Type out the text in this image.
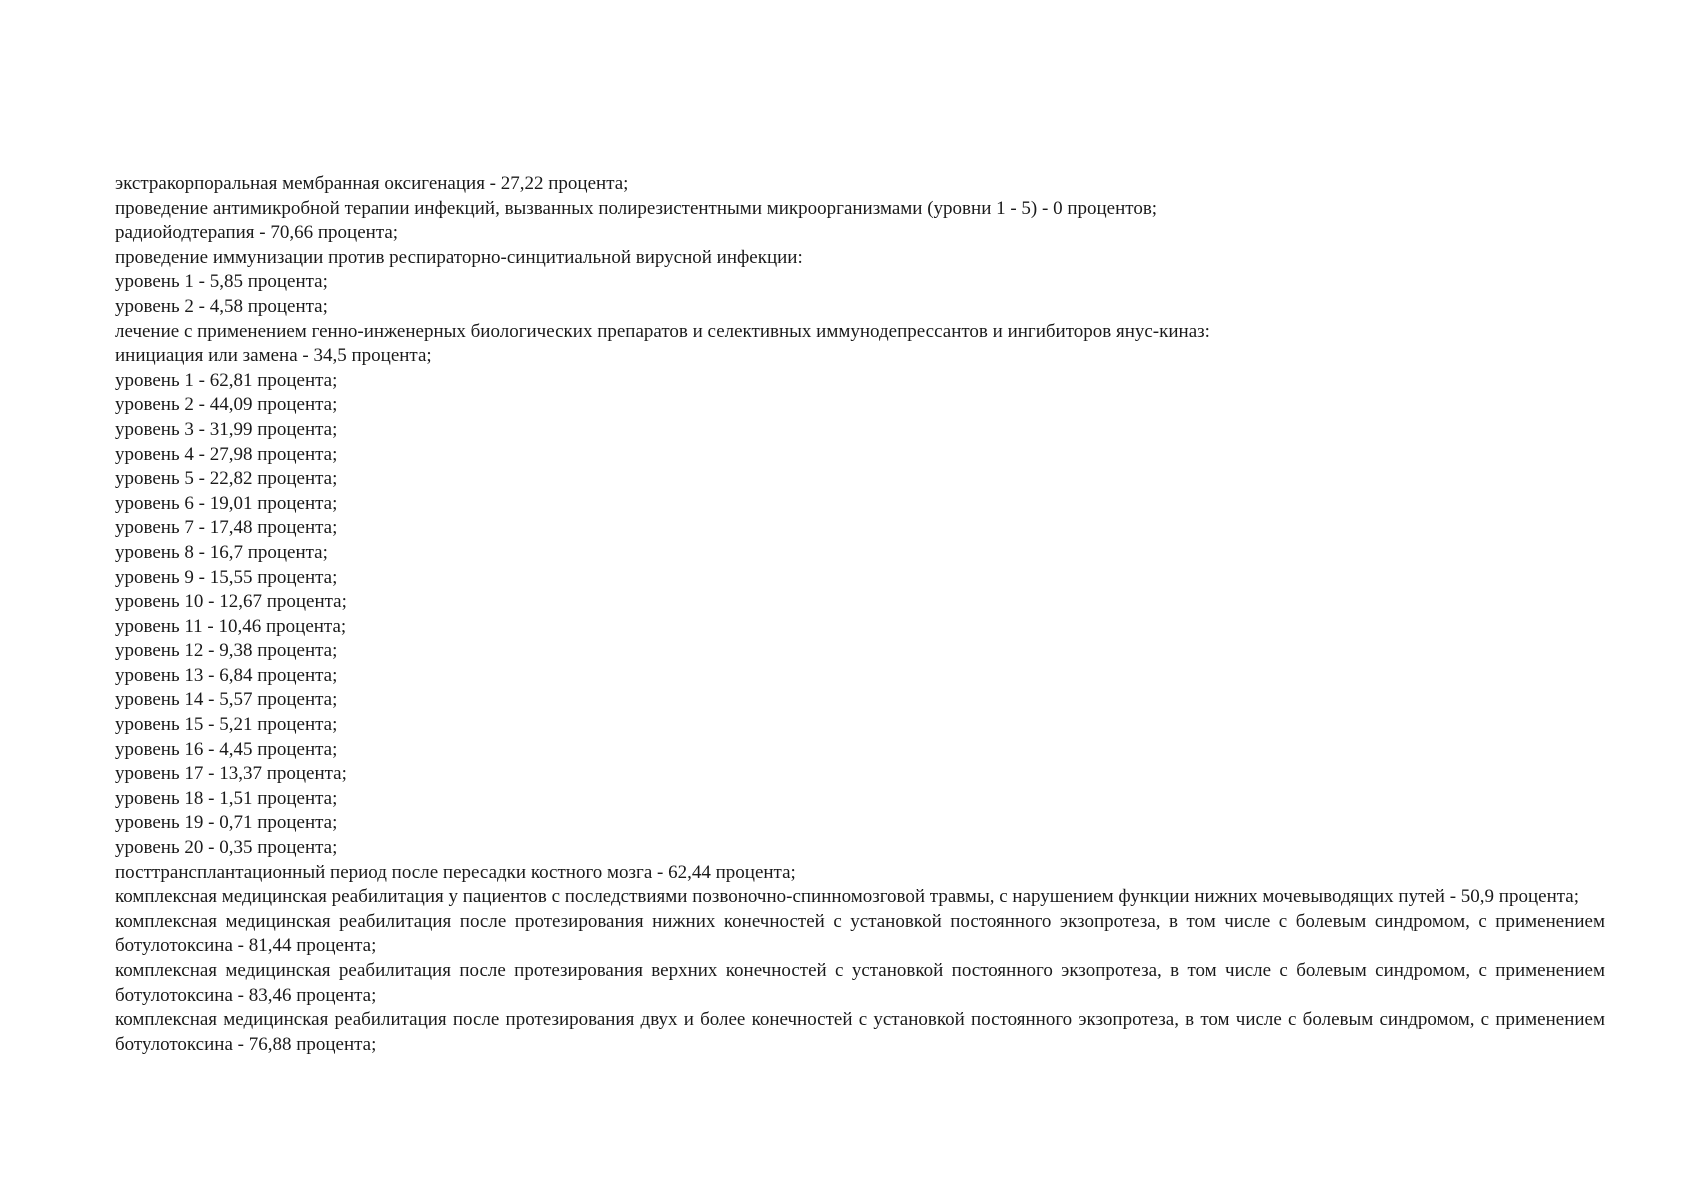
экстракорпоральная мембранная оксигенация - 27,22 процента;

проведение антимикробной терапии инфекций, вызванных полирезистентными микроорганизмами (уровни 1 - 5) - 0 процентов;

радиойодтерапия - 70,66 процента;

проведение иммунизации против респираторно-синцитиальной вирусной инфекции:

уровень 1 - 5,85 процента;

уровень 2 - 4,58 процента;

лечение с применением генно-инженерных биологических препаратов и селективных иммунодепрессантов и ингибиторов янус-киназ:

инициация или замена - 34,5 процента;

уровень 1 - 62,81 процента;

уровень 2 - 44,09 процента;

уровень 3 - 31,99 процента;

уровень 4 - 27,98 процента;

уровень 5 - 22,82 процента;

уровень 6 - 19,01 процента;

уровень 7 - 17,48 процента;

уровень 8 - 16,7 процента;

уровень 9 - 15,55 процента;

уровень 10 - 12,67 процента;

уровень 11 - 10,46 процента;

уровень 12 - 9,38 процента;

уровень 13 - 6,84 процента;

уровень 14 - 5,57 процента;

уровень 15 - 5,21 процента;

уровень 16 - 4,45 процента;

уровень 17 - 13,37 процента;

уровень 18 - 1,51 процента;

уровень 19 - 0,71 процента;

уровень 20 - 0,35 процента;

посттрансплантационный период после пересадки костного мозга - 62,44 процента;

комплексная медицинская реабилитация у пациентов с последствиями позвоночно-спинномозговой травмы, с нарушением функции нижних мочевыводящих путей - 50,9 процента;

комплексная медицинская реабилитация после протезирования нижних конечностей с установкой постоянного экзопротеза, в том числе с болевым синдромом, с применением ботулотоксина - 81,44 процента;

комплексная медицинская реабилитация после протезирования верхних конечностей с установкой постоянного экзопротеза, в том числе с болевым синдромом, с применением ботулотоксина - 83,46 процента;

комплексная медицинская реабилитация после протезирования двух и более конечностей с установкой постоянного экзопротеза, в том числе с болевым синдромом, с применением ботулотоксина - 76,88 процента;
